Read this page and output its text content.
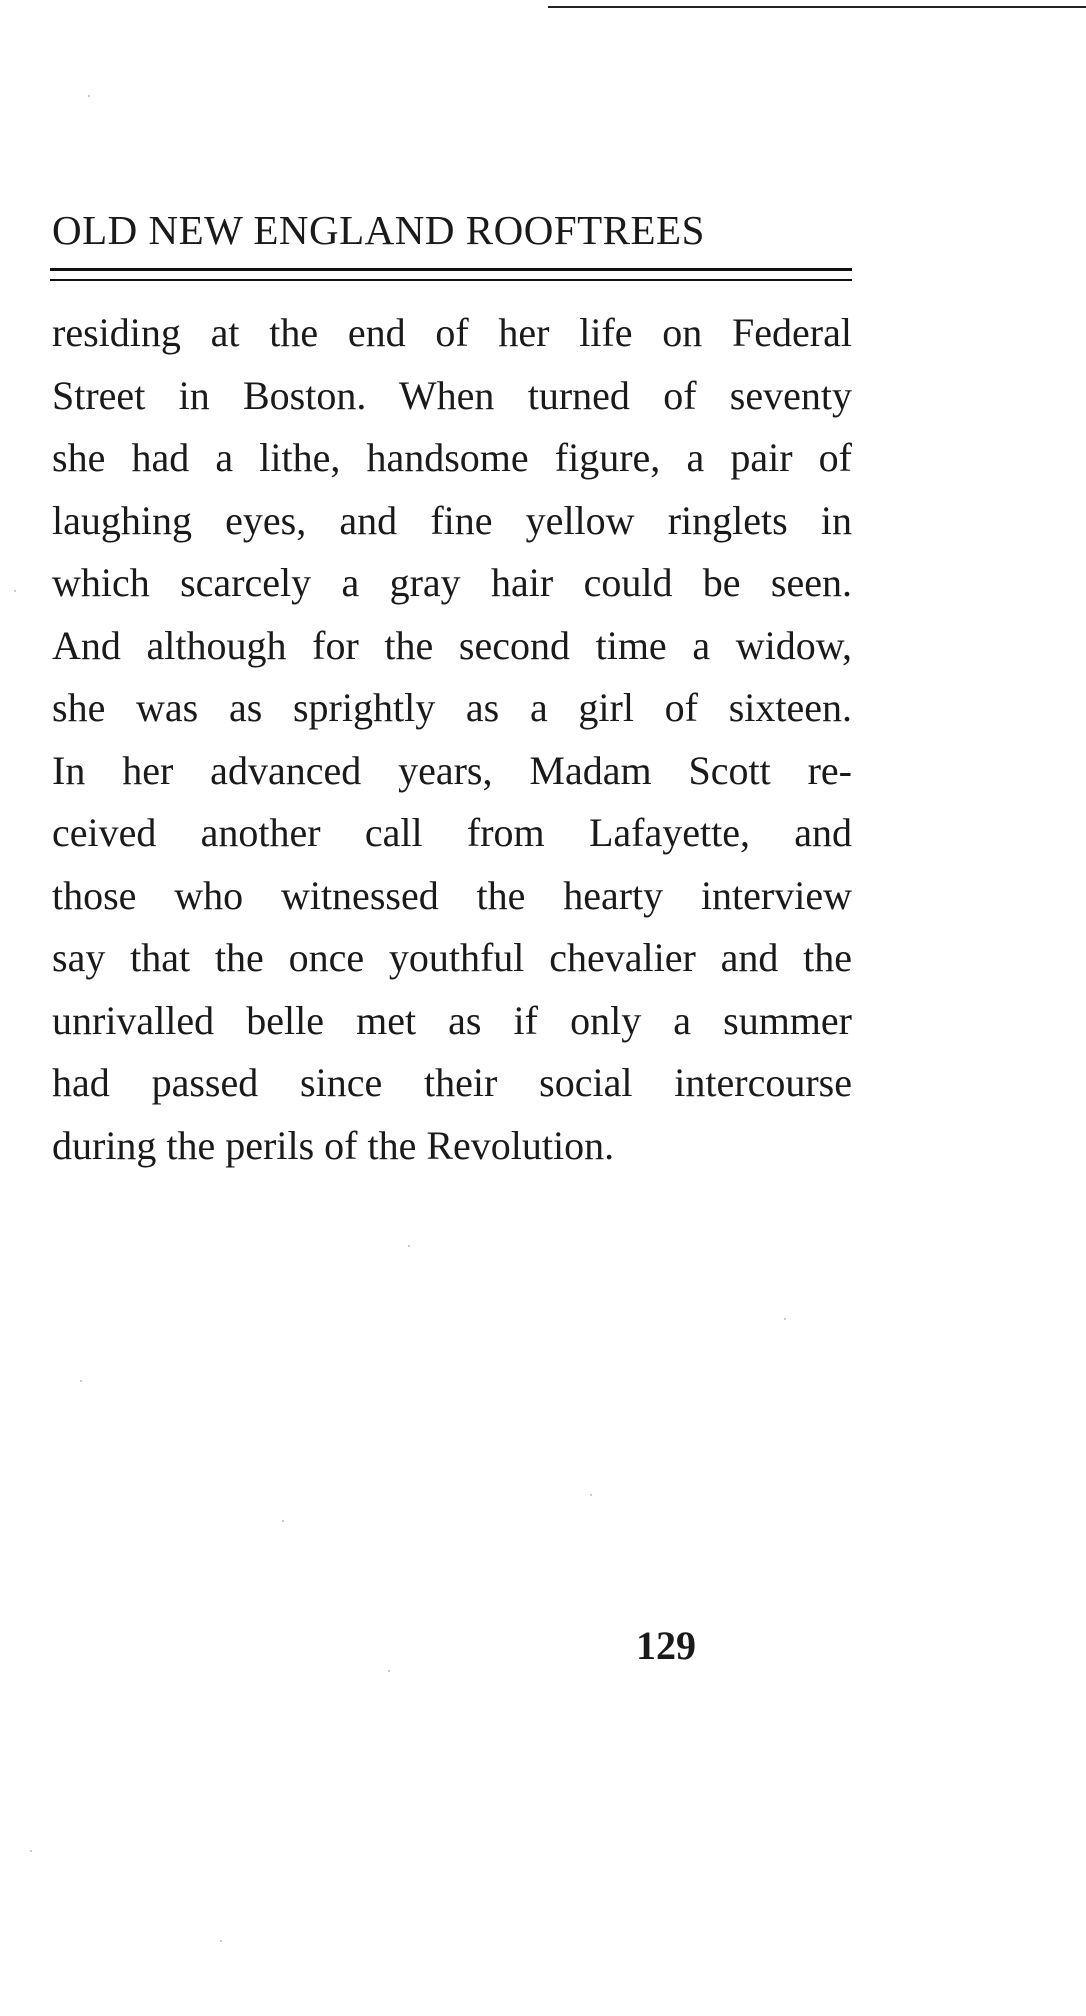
OLD NEW ENGLAND ROOFTREES
residing at the end of her life on Federal
Street in Boston. When turned of seventy
she had a lithe, handsome figure, a pair of
laughing eyes, and fine yellow ringlets in
which scarcely a gray hair could be seen.
And although for the second time a widow,
she was as sprightly as a girl of sixteen.
In her advanced years, Madam Scott re-
ceived another call from Lafayette, and
those who witnessed the hearty interview
say that the once youthful chevalier and the
unrivalled belle met as if only a summer
had passed since their social intercourse
during the perils of the Revolution.
129
